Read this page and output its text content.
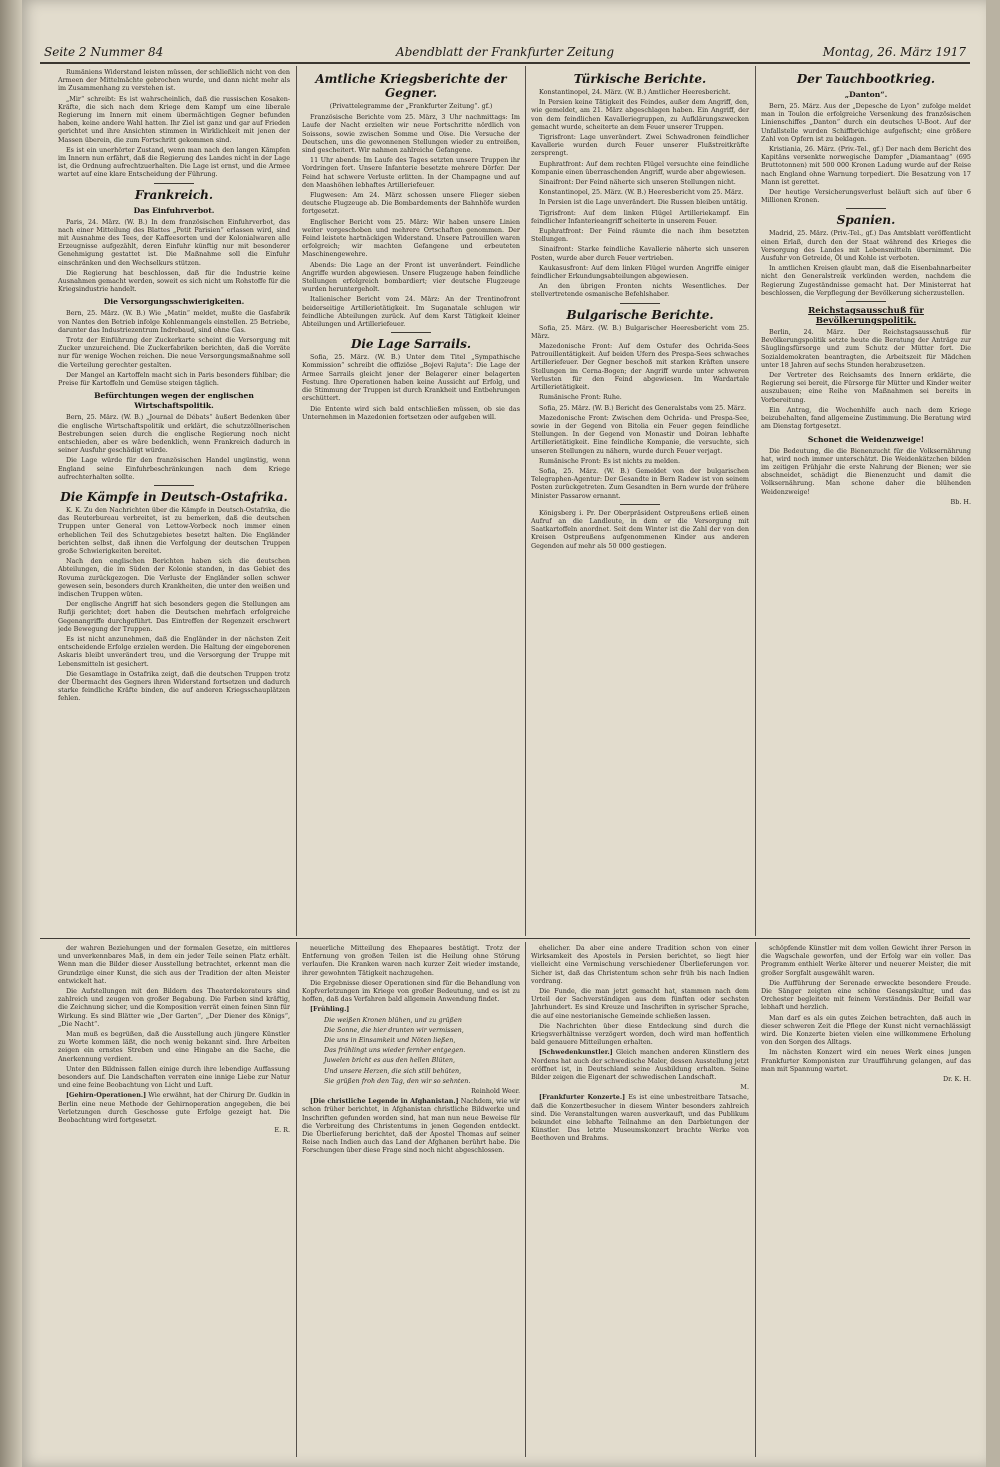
Seite 2 Nummer 84	Abendblatt der Frankfurter Zeitung	Montag, 26. März 1917

Rumäniens Widerstand leisten müssen, der schließlich nicht von den Armeen der Mittelmächte gebrochen wurde, und dann nicht mehr als im Zusammenhang zu verstehen ist.

„Mir“ schreibt: Es ist wahrscheinlich, daß die russischen Kosaken-Kräfte, die sich nach dem Kriege dem Kampf um eine liberale Regierung im Innern mit einem übermächtigen Gegner befunden haben, keine andere Wahl hatten. Ihr Ziel ist ganz und gar auf Frieden gerichtet und ihre Ansichten stimmen in Wirklichkeit mit jenen der Massen überein, die zum Fortschritt gekommen sind.

Es ist ein unerhörter Zustand, wenn man nach den langen Kämpfen im Innern nun erfährt, daß die Regierung des Landes nicht in der Lage ist, die Ordnung aufrechtzuerhalten. Die Lage ist ernst, und die Armee wartet auf eine klare Entscheidung der Führung.

Frankreich.
Das Einfuhrverbot.

Paris, 24. März. (W. B.) In dem französischen Einfuhrverbot, das nach einer Mitteilung des Blattes „Petit Parisien“ erlassen wird, sind mit Ausnahme des Tees, der Kaffeesorten und der Kolonialwaren alle Erzeugnisse aufgezählt, deren Einfuhr künftig nur mit besonderer Genehmigung gestattet ist. Die Maßnahme soll die Einfuhr einschränken und den Wechselkurs stützen.

Die Regierung hat beschlossen, daß für die Industrie keine Ausnahmen gemacht werden, soweit es sich nicht um Rohstoffe für die Kriegsindustrie handelt.

Die Versorgungsschwierigkeiten.

Bern, 25. März. (W. B.) Wie „Matin“ meldet, mußte die Gasfabrik von Nantes den Betrieb infolge Kohlenmangels einstellen. 25 Betriebe, darunter das Industriezentrum Indrebaud, sind ohne Gas.

Trotz der Einführung der Zuckerkarte scheint die Versorgung mit Zucker unzureichend. Die Zuckerfabriken berichten, daß die Vorräte nur für wenige Wochen reichen. Die neue Versorgungsmaßnahme soll die Verteilung gerechter gestalten.

Der Mangel an Kartoffeln macht sich in Paris besonders fühlbar; die Preise für Kartoffeln und Gemüse steigen täglich.

Befürchtungen wegen der englischen Wirtschaftspolitik.

Bern, 25. März. (W. B.) „Journal de Débats“ äußert Bedenken über die englische Wirtschaftspolitik und erklärt, die schutzzöllnerischen Bestrebungen seien durch die englische Regierung noch nicht entschieden, aber es wäre bedenklich, wenn Frankreich dadurch in seiner Ausfuhr geschädigt würde.

Die Lage würde für den französischen Handel ungünstig, wenn England seine Einfuhrbeschränkungen nach dem Kriege aufrechterhalten sollte.

Die Kämpfe in Deutsch-Ostafrika.

K. K. Zu den Nachrichten über die Kämpfe in Deutsch-Ostafrika, die das Reuterbureau verbreitet, ist zu bemerken, daß die deutschen Truppen unter General von Lettow-Vorbeck noch immer einen erheblichen Teil des Schutzgebietes besetzt halten. Die Engländer berichten selbst, daß ihnen die Verfolgung der deutschen Truppen große Schwierigkeiten bereitet.

Nach den englischen Berichten haben sich die deutschen Abteilungen, die im Süden der Kolonie standen, in das Gebiet des Rovuma zurückgezogen. Die Verluste der Engländer sollen schwer gewesen sein, besonders durch Krankheiten, die unter den weißen und indischen Truppen wüten.

Der englische Angriff hat sich besonders gegen die Stellungen am Rufiji gerichtet; dort haben die Deutschen mehrfach erfolgreiche Gegenangriffe durchgeführt. Das Eintreffen der Regenzeit erschwert jede Bewegung der Truppen.

Es ist nicht anzunehmen, daß die Engländer in der nächsten Zeit entscheidende Erfolge erzielen werden. Die Haltung der eingeborenen Askaris bleibt unverändert treu, und die Versorgung der Truppe mit Lebensmitteln ist gesichert.

Die Gesamtlage in Ostafrika zeigt, daß die deutschen Truppen trotz der Übermacht des Gegners ihren Widerstand fortsetzen und dadurch starke feindliche Kräfte binden, die auf anderen Kriegsschauplätzen fehlen.

Amtliche Kriegsberichte der Gegner.
(Privattelegramme der „Frankfurter Zeitung“. gf.)

Französische Berichte vom 25. März, 3 Uhr nachmittags: Im Laufe der Nacht erzielten wir neue Fortschritte nördlich von Soissons, sowie zwischen Somme und Oise. Die Versuche der Deutschen, uns die gewonnenen Stellungen wieder zu entreißen, sind gescheitert. Wir nahmen zahlreiche Gefangene.

11 Uhr abends: Im Laufe des Tages setzten unsere Truppen ihr Vordringen fort. Unsere Infanterie besetzte mehrere Dörfer. Der Feind hat schwere Verluste erlitten. In der Champagne und auf den Maashöhen lebhaftes Artilleriefeuer.

Flugwesen: Am 24. März schossen unsere Flieger sieben deutsche Flugzeuge ab. Die Bombardements der Bahnhöfe wurden fortgesetzt.

Englischer Bericht vom 25. März: Wir haben unsere Linien weiter vorgeschoben und mehrere Ortschaften genommen. Der Feind leistete hartnäckigen Widerstand. Unsere Patrouillen waren erfolgreich; wir machten Gefangene und erbeuteten Maschinengewehre.

Abends: Die Lage an der Front ist unverändert. Feindliche Angriffe wurden abgewiesen. Unsere Flugzeuge haben feindliche Stellungen erfolgreich bombardiert; vier deutsche Flugzeuge wurden heruntergeholt.

Italienischer Bericht vom 24. März: An der Trentinofront beiderseitige Artillerietätigkeit. Im Suganatale schlugen wir feindliche Abteilungen zurück. Auf dem Karst Tätigkeit kleiner Abteilungen und Artilleriefeuer.

Die Lage Sarrails.

Sofia, 25. März. (W. B.) Unter dem Titel „Sympathische Kommission“ schreibt die offiziöse „Bojevi Rajuta“: Die Lage der Armee Sarrails gleicht jener der Belagerer einer belagerten Festung. Ihre Operationen haben keine Aussicht auf Erfolg, und die Stimmung der Truppen ist durch Krankheit und Entbehrungen erschüttert.

Die Entente wird sich bald entschließen müssen, ob sie das Unternehmen in Mazedonien fortsetzen oder aufgeben will.

Türkische Berichte.

Konstantinopel, 24. März. (W. B.) Amtlicher Heeresbericht.

In Persien keine Tätigkeit des Feindes, außer dem Angriff, den, wie gemeldet, am 21. März abgeschlagen haben. Ein Angriff, der von dem feindlichen Kavalleriegruppen, zu Aufklärungszwecken gemacht wurde, scheiterte an dem Feuer unserer Truppen.

Tigrisfront: Lage unverändert. Zwei Schwadronen feindlicher Kavallerie wurden durch Feuer unserer Flußstreitkräfte zersprengt.

Euphratfront: Auf dem rechten Flügel versuchte eine feindliche Kompanie einen überraschenden Angriff, wurde aber abgewiesen.

Sinaifront: Der Feind näherte sich unseren Stellungen nicht.

Konstantinopel, 25. März. (W. B.) Heeresbericht vom 25. März.

In Persien ist die Lage unverändert. Die Russen bleiben untätig.

Tigrisfront: Auf dem linken Flügel Artilleriekampf. Ein feindlicher Infanterieangriff scheiterte in unserem Feuer.

Euphratfront: Der Feind räumte die nach ihm besetzten Stellungen.

Sinaifront: Starke feindliche Kavallerie näherte sich unseren Posten, wurde aber durch Feuer vertrieben.

Kaukasusfront: Auf dem linken Flügel wurden Angriffe einiger feindlicher Erkundungsabteilungen abgewiesen.

An den übrigen Fronten nichts Wesentliches. Der stellvertretende osmanische Befehlshaber.

Bulgarische Berichte.

Sofia, 25. März. (W. B.) Bulgarischer Heeresbericht vom 25. März.

Mazedonische Front: Auf dem Ostufer des Ochrida-Sees Patrouillentätigkeit. Auf beiden Ufern des Prespa-Sees schwaches Artilleriefeuer. Der Gegner beschoß mit starken Kräften unsere Stellungen im Cerna-Bogen; der Angriff wurde unter schweren Verlusten für den Feind abgewiesen. Im Wardartale Artillerietätigkeit.

Rumänische Front: Ruhe.

Sofia, 25. März. (W. B.) Bericht des Generalstabs vom 25. März.

Mazedonische Front: Zwischen dem Ochrida- und Prespa-See, sowie in der Gegend von Bitolia ein Feuer gegen feindliche Stellungen. In der Gegend von Monastir und Doiran lebhafte Artillerietätigkeit. Eine feindliche Kompanie, die versuchte, sich unseren Stellungen zu nähern, wurde durch Feuer verjagt.

Rumänische Front: Es ist nichts zu melden.

Sofia, 25. März. (W. B.) Gemeldet von der bulgarischen Telegraphen-Agentur: Der Gesandte in Bern Radew ist von seinem Posten zurückgetreten. Zum Gesandten in Bern wurde der frühere Minister Passarow ernannt.

Königsberg i. Pr. Der Oberpräsident Ostpreußens erließ einen Aufruf an die Landleute, in dem er die Versorgung mit Saatkartoffeln anordnet. Seit dem Winter ist die Zahl der von den Kreisen Ostpreußens aufgenommenen Kinder aus anderen Gegenden auf mehr als 50 000 gestiegen.

Der Tauchbootkrieg.
„Danton“.

Bern, 25. März. Aus der „Depesche de Lyon“ zufolge meldet man in Toulon die erfolgreiche Versenkung des französischen Linienschiffes „Danton“ durch ein deutsches U-Boot. Auf der Unfallstelle wurden Schiffbrüchige aufgefischt; eine größere Zahl von Opfern ist zu beklagen.

Kristiania, 26. März. (Priv.-Tel., gf.) Der nach dem Bericht des Kapitäns versenkte norwegische Dampfer „Diamantaag“ (695 Bruttotonnen) mit 500 000 Kronen Ladung wurde auf der Reise nach England ohne Warnung torpediert. Die Besatzung von 17 Mann ist gerettet.

Der heutige Versicherungsverlust beläuft sich auf über 6 Millionen Kronen.

Spanien.

Madrid, 25. März. (Priv.-Tel., gf.) Das Amtsblatt veröffentlicht einen Erlaß, durch den der Staat während des Krieges die Versorgung des Landes mit Lebensmitteln übernimmt. Die Ausfuhr von Getreide, Öl und Kohle ist verboten.

In amtlichen Kreisen glaubt man, daß die Eisenbahnarbeiter nicht den Generalstreik verkünden werden, nachdem die Regierung Zugeständnisse gemacht hat. Der Ministerrat hat beschlossen, die Verpflegung der Bevölkerung sicherzustellen.

Reichstagsausschuß für Bevölkerungspolitik.

Berlin, 24. März. Der Reichstagsausschuß für Bevölkerungspolitik setzte heute die Beratung der Anträge zur Säuglingsfürsorge und zum Schutz der Mütter fort. Die Sozialdemokraten beantragten, die Arbeitszeit für Mädchen unter 18 Jahren auf sechs Stunden herabzusetzen.

Der Vertreter des Reichsamts des Innern erklärte, die Regierung sei bereit, die Fürsorge für Mütter und Kinder weiter auszubauen; eine Reihe von Maßnahmen sei bereits in Vorbereitung.

Ein Antrag, die Wochenhilfe auch nach dem Kriege beizubehalten, fand allgemeine Zustimmung. Die Beratung wird am Dienstag fortgesetzt.

Schonet die Weidenzweige!

Die Bedeutung, die die Bienenzucht für die Volksernährung hat, wird noch immer unterschätzt. Die Weidenkätzchen bilden im zeitigen Frühjahr die erste Nahrung der Bienen; wer sie abschneidet, schädigt die Bienenzucht und damit die Volksernährung. Man schone daher die blühenden Weidenzweige!

Bb. H.

der wahren Beziehungen und der formalen Gesetze, ein mittleres und unverkennbares Maß, in dem ein jeder Teile seinen Platz erhält. Wenn man die Bilder dieser Ausstellung betrachtet, erkennt man die Grundzüge einer Kunst, die sich aus der Tradition der alten Meister entwickelt hat.

Die Aufstellungen mit den Bildern des Theaterdekorateurs sind zahlreich und zeugen von großer Begabung. Die Farben sind kräftig, die Zeichnung sicher, und die Komposition verrät einen feinen Sinn für Wirkung. Es sind Blätter wie „Der Garten“, „Der Diener des Königs“, „Die Nacht“.

Man muß es begrüßen, daß die Ausstellung auch jüngere Künstler zu Worte kommen läßt, die noch wenig bekannt sind. Ihre Arbeiten zeigen ein ernstes Streben und eine Hingabe an die Sache, die Anerkennung verdient.

Unter den Bildnissen fallen einige durch ihre lebendige Auffassung besonders auf. Die Landschaften verraten eine innige Liebe zur Natur und eine feine Beobachtung von Licht und Luft.

[Gehirn-Operationen.] Wie erwähnt, hat der Chirurg Dr. Gudkin in Berlin eine neue Methode der Gehirnoperation angegeben, die bei Verletzungen durch Geschosse gute Erfolge gezeigt hat. Die Beobachtung wird fortgesetzt.

E. R.

neuerliche Mitteilung des Ehepaares bestätigt. Trotz der Entfernung von großen Teilen ist die Heilung ohne Störung verlaufen. Die Kranken waren nach kurzer Zeit wieder imstande, ihrer gewohnten Tätigkeit nachzugehen.

Die Ergebnisse dieser Operationen sind für die Behandlung von Kopfverletzungen im Kriege von großer Bedeutung, und es ist zu hoffen, daß das Verfahren bald allgemein Anwendung findet.

[Frühling.]

Die weißen Kronen blühen, und zu grüßen

Die Sonne, die hier drunten wir vermissen,

Die uns in Einsamkeit und Nöten ließen,

Das frühlingt uns wieder fernher entgegen.

Juwelen bricht es aus den hellen Blüten,

Und unsere Herzen, die sich still behüten,

Sie grüßen froh den Tag, den wir so sehnten.

Reinhold Weer.

[Die christliche Legende in Afghanistan.] Nachdem, wie wir schon früher berichtet, in Afghanistan christliche Bildwerke und Inschriften gefunden worden sind, hat man nun neue Beweise für die Verbreitung des Christentums in jenen Gegenden entdeckt. Die Überlieferung berichtet, daß der Apostel Thomas auf seiner Reise nach Indien auch das Land der Afghanen berührt habe. Die Forschungen über diese Frage sind noch nicht abgeschlossen.

ehelicher. Da aber eine andere Tradition schon von einer Wirksamkeit des Apostels in Persien berichtet, so liegt hier vielleicht eine Vermischung verschiedener Überlieferungen vor. Sicher ist, daß das Christentum schon sehr früh bis nach Indien vordrang.

Die Funde, die man jetzt gemacht hat, stammen nach dem Urteil der Sachverständigen aus dem fünften oder sechsten Jahrhundert. Es sind Kreuze und Inschriften in syrischer Sprache, die auf eine nestorianische Gemeinde schließen lassen.

Die Nachrichten über diese Entdeckung sind durch die Kriegsverhältnisse verzögert worden, doch wird man hoffentlich bald genauere Mitteilungen erhalten.

[Schwedenkunstler.] Gleich manchen anderen Künstlern des Nordens hat auch der schwedische Maler, dessen Ausstellung jetzt eröffnet ist, in Deutschland seine Ausbildung erhalten. Seine Bilder zeigen die Eigenart der schwedischen Landschaft.

M.

[Frankfurter Konzerte.] Es ist eine unbestreitbare Tatsache, daß die Konzertbesucher in diesem Winter besonders zahlreich sind. Die Veranstaltungen waren ausverkauft, und das Publikum bekundet eine lebhafte Teilnahme an den Darbietungen der Künstler. Das letzte Museumskonzert brachte Werke von Beethoven und Brahms.

schöpfende Künstler mit dem vollen Gewicht ihrer Person in die Wagschale geworfen, und der Erfolg war ein voller. Das Programm enthielt Werke älterer und neuerer Meister, die mit großer Sorgfalt ausgewählt waren.

Die Aufführung der Serenade erweckte besondere Freude. Die Sänger zeigten eine schöne Gesangskultur, und das Orchester begleitete mit feinem Verständnis. Der Beifall war lebhaft und herzlich.

Man darf es als ein gutes Zeichen betrachten, daß auch in dieser schweren Zeit die Pflege der Kunst nicht vernachlässigt wird. Die Konzerte bieten vielen eine willkommene Erholung von den Sorgen des Alltags.

Im nächsten Konzert wird ein neues Werk eines jungen Frankfurter Komponisten zur Uraufführung gelangen, auf das man mit Spannung wartet.

Dr. K. H.
